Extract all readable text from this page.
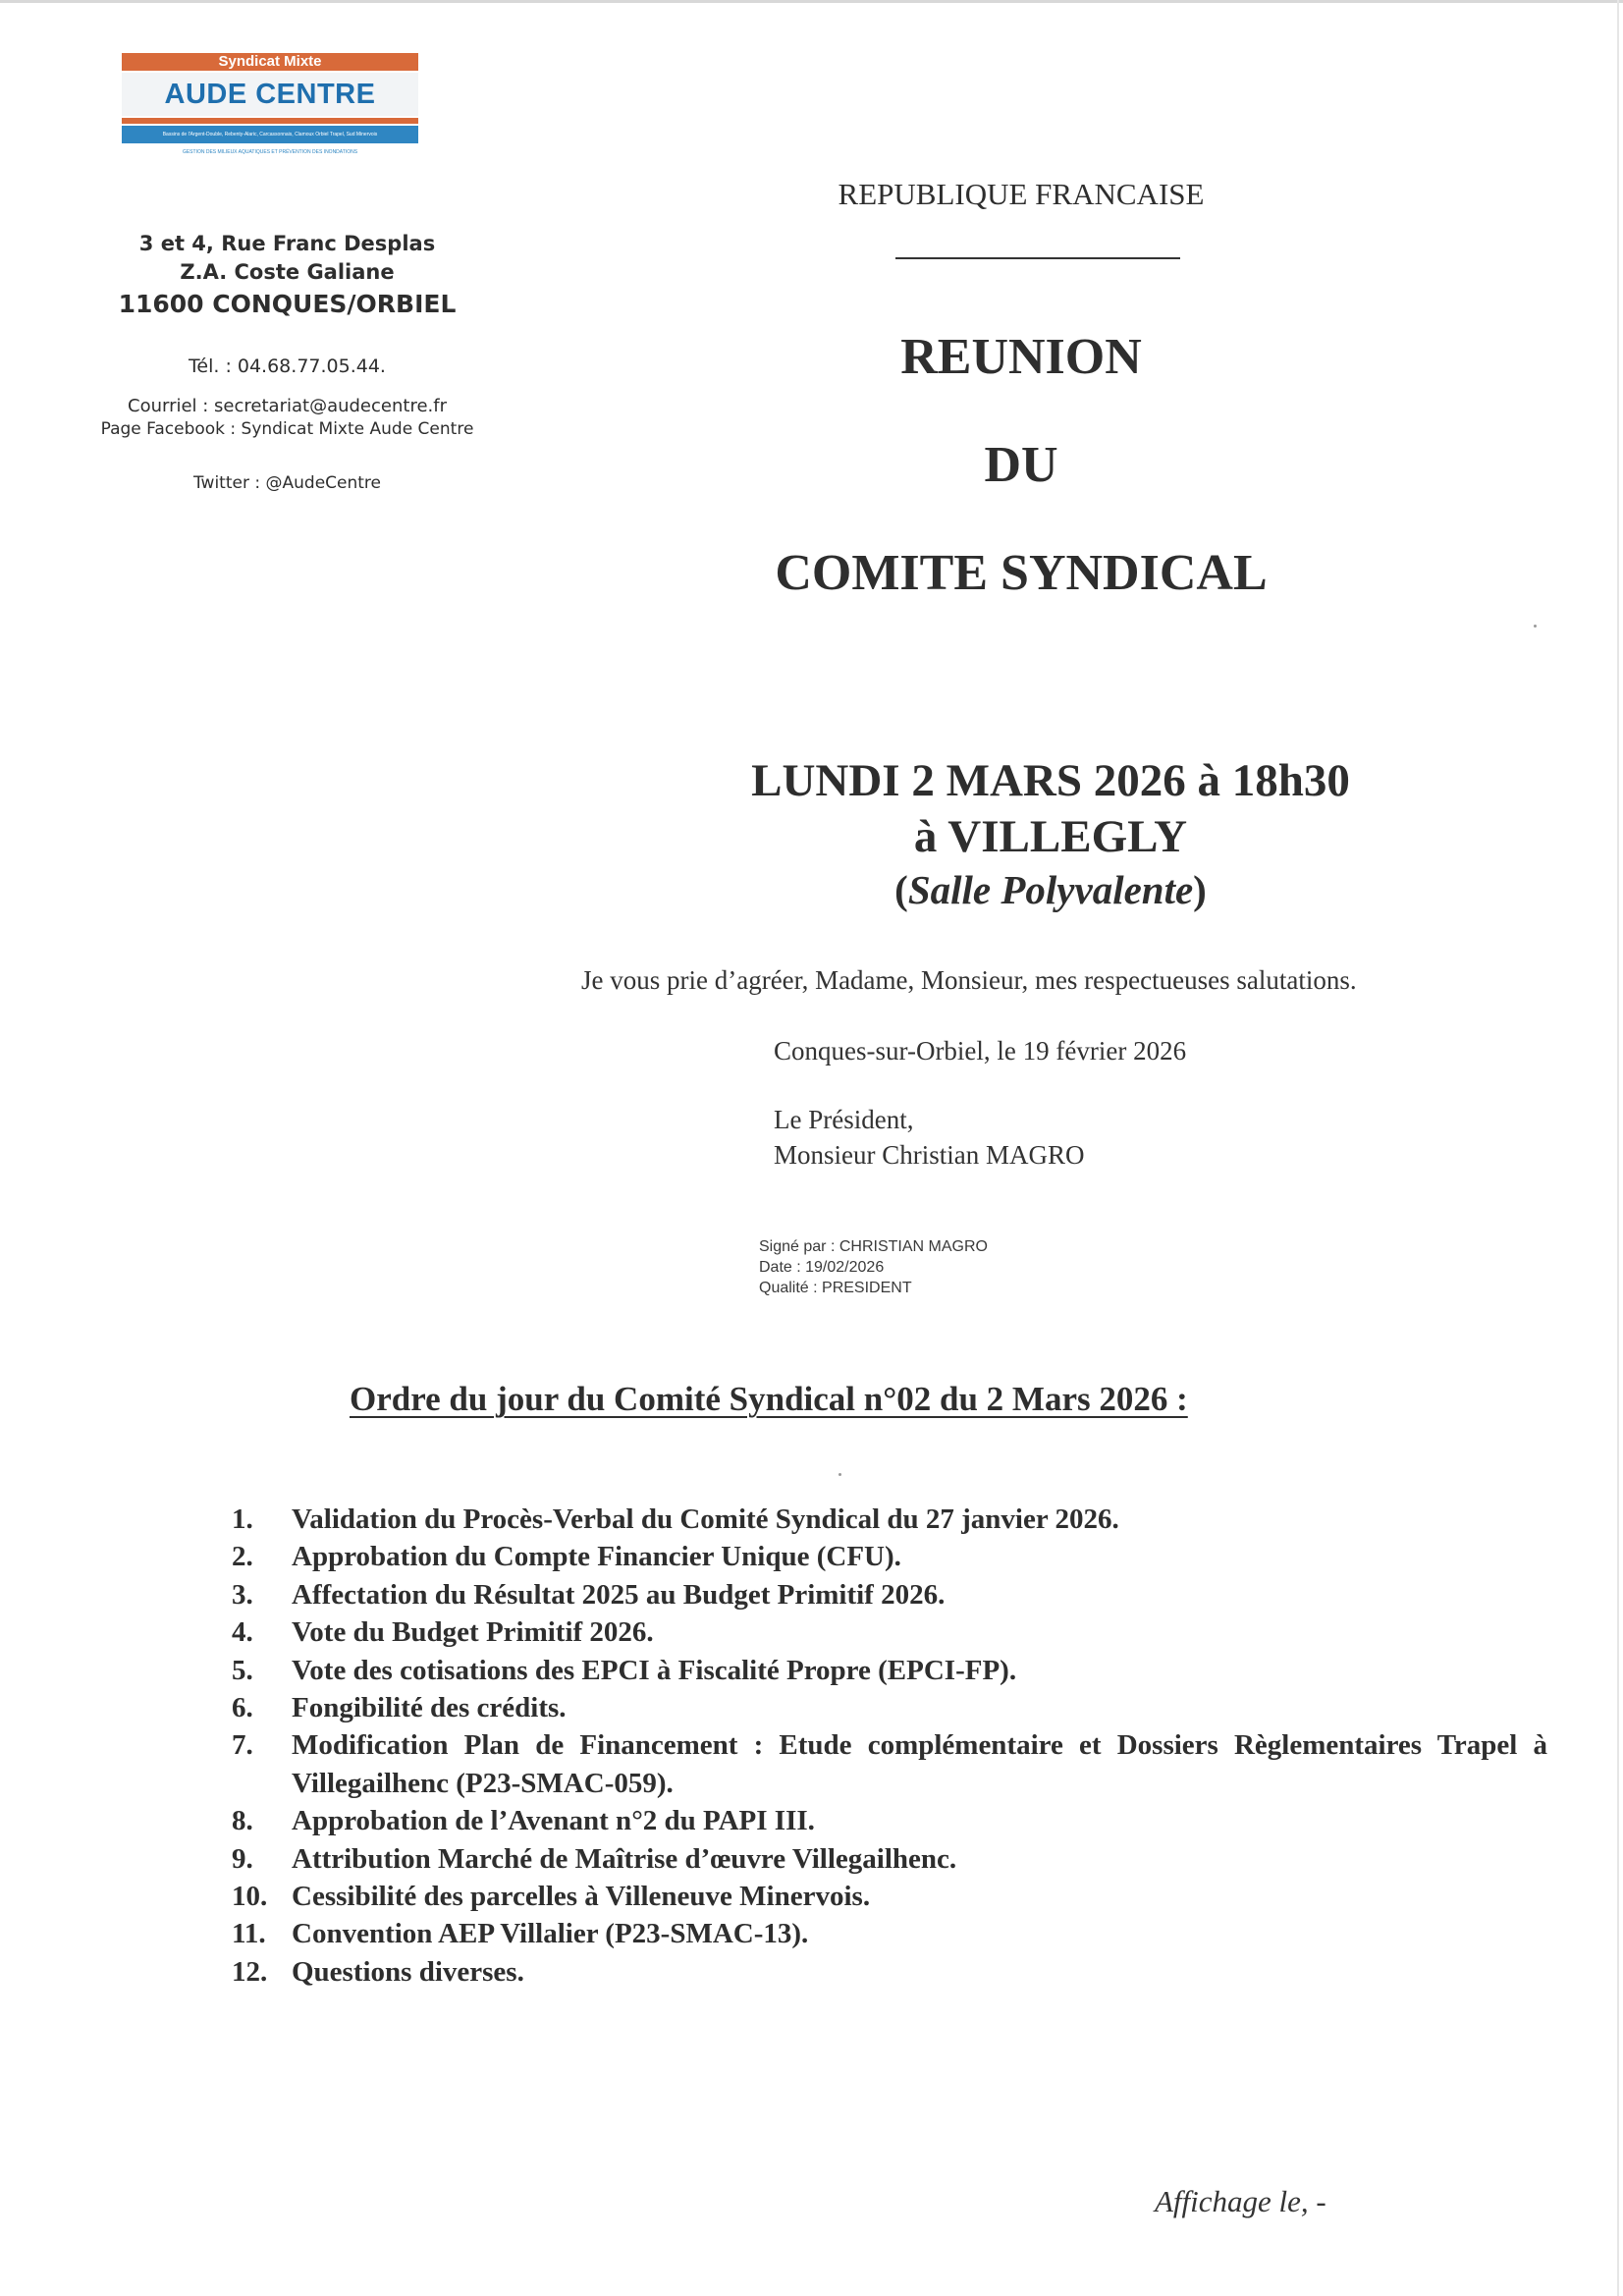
Syndicat Mixte
AUDE CENTRE
Bassins de l'Argent-Double, Rebenty-Alaric, Carcassonnais, Clamoux Orbiel Trapel, Sud Minervois
GESTION DES MILIEUX AQUATIQUES ET PRÉVENTION DES INONDATIONS
3 et 4, Rue Franc Desplas
Z.A. Coste Galiane
11600 CONQUES/ORBIEL
Tél. : 04.68.77.05.44.
Courriel : secretariat@audecentre.fr
Page Facebook : Syndicat Mixte Aude Centre
Twitter : @AudeCentre
REPUBLIQUE FRANCAISE
REUNION
DU
COMITE SYNDICAL
LUNDI 2 MARS 2026 à 18h30
à VILLEGLY
(Salle Polyvalente)
Je vous prie d’agréer, Madame, Monsieur, mes respectueuses salutations.
Conques-sur-Orbiel, le 19 février 2026
Le Président,
Monsieur Christian MAGRO
Signé par : CHRISTIAN MAGRO
Date : 19/02/2026
Qualité : PRESIDENT
Ordre du jour du Comité Syndical n°02 du 2 Mars 2026 :
1.	Validation du Procès-Verbal du Comité Syndical du 27 janvier 2026.
2.	Approbation du Compte Financier Unique (CFU).
3.	Affectation du Résultat 2025 au Budget Primitif 2026.
4.	Vote du Budget Primitif 2026.
5.	Vote des cotisations des EPCI à Fiscalité Propre (EPCI-FP).
6.	Fongibilité des crédits.
7.	Modification Plan de Financement : Etude complémentaire et Dossiers Règlementaires Trapel à Villegailhenc (P23-SMAC-059).
8.	Approbation de l’Avenant n°2 du PAPI III.
9.	Attribution Marché de Maîtrise d’œuvre Villegailhenc.
10. Cessibilité des parcelles à Villeneuve Minervois.
11. Convention AEP Villalier (P23-SMAC-13).
12. Questions diverses.
Affichage le, -
